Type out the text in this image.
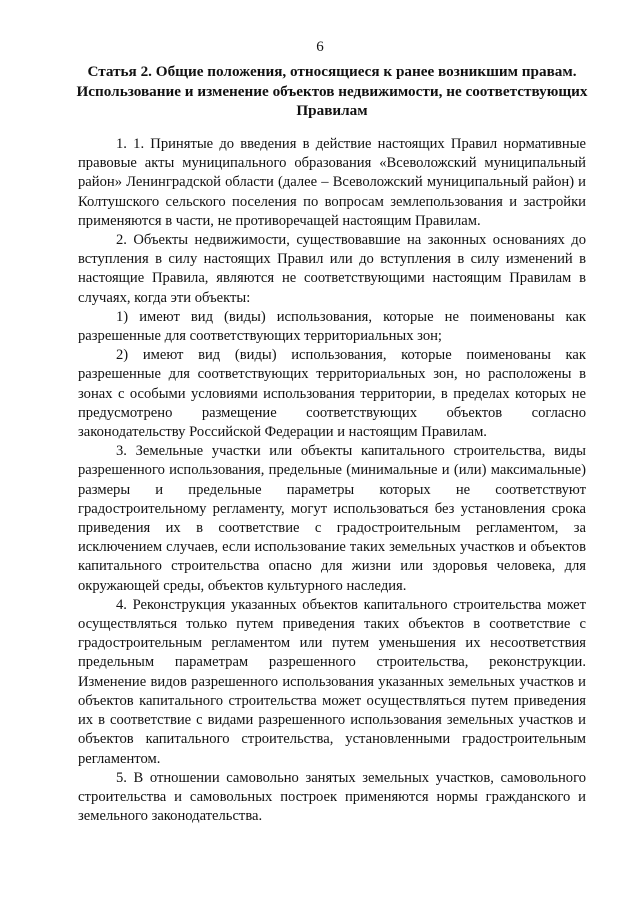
6
Статья 2. Общие положения, относящиеся к ранее возникшим правам.
Использование и изменение объектов недвижимости, не соответствующих
Правилам

1. 1. Принятые до введения в действие настоящих Правил нормативные правовые акты муниципального образования «Всеволожский муниципальный район» Ленинградской области (далее – Всеволожский муниципальный район) и Колтушского сельского поселения по вопросам землепользования и застройки применяются в части, не противоречащей настоящим Правилам.

2. Объекты недвижимости, существовавшие на законных основаниях до вступления в силу настоящих Правил или до вступления в силу изменений в настоящие Правила, являются не соответствующими настоящим Правилам в случаях, когда эти объекты:

1) имеют вид (виды) использования, которые не поименованы как разрешенные для соответствующих территориальных зон;

2) имеют вид (виды) использования, которые поименованы как разрешенные для соответствующих территориальных зон, но расположены в зонах с особыми условиями использования территории, в пределах которых не предусмотрено размещение соответствующих объектов согласно законодательству Российской Федерации и настоящим Правилам.

3. Земельные участки или объекты капитального строительства, виды разрешенного использования, предельные (минимальные и (или) максимальные) размеры и предельные параметры которых не соответствуют градостроительному регламенту, могут использоваться без установления срока приведения их в соответствие с градостроительным регламентом, за исключением случаев, если использование таких земельных участков и объектов капитального строительства опасно для жизни или здоровья человека, для окружающей среды, объектов культурного наследия.

4. Реконструкция указанных объектов капитального строительства может осуществляться только путем приведения таких объектов в соответствие с градостроительным регламентом или путем уменьшения их несоответствия предельным параметрам разрешенного строительства, реконструкции. Изменение видов разрешенного использования указанных земельных участков и объектов капитального строительства может осуществляться путем приведения их в соответствие с видами разрешенного использования земельных участков и объектов капитального строительства, установленными градостроительным регламентом.

5. В отношении самовольно занятых земельных участков, самовольного строительства и самовольных построек применяются нормы гражданского и земельного законодательства.
